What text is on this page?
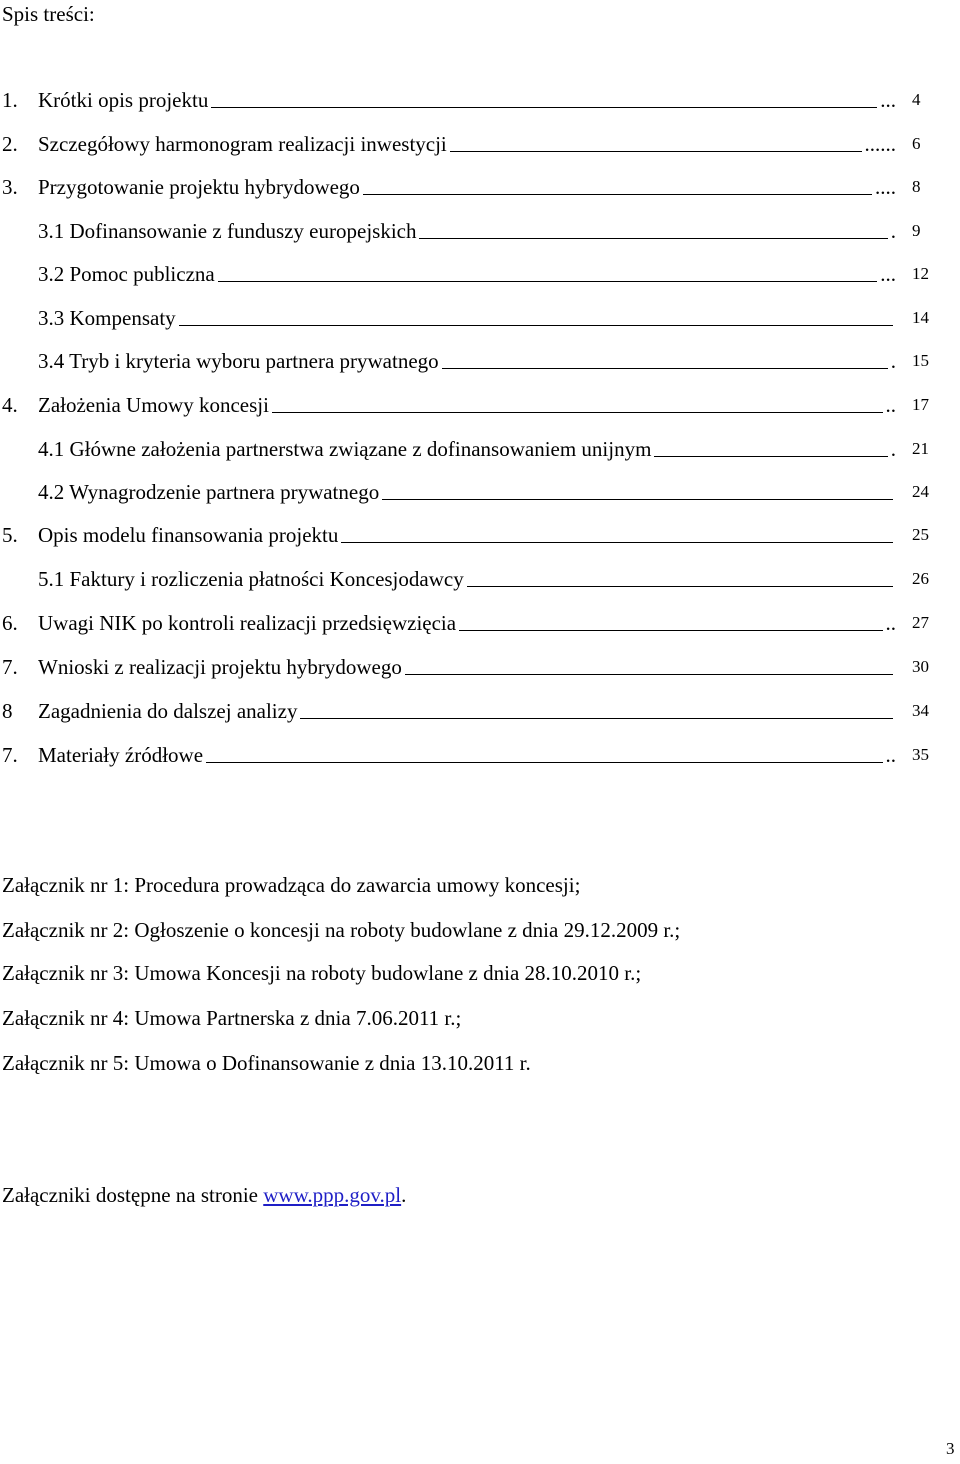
Spis treści:
1. Krótki opis projektu	... 4
2. Szczegółowy harmonogram realizacji inwestycji	...... 6
3. Przygotowanie projektu hybrydowego	.... 8
3.1 Dofinansowanie z funduszy europejskich	. 9
3.2 Pomoc publiczna	... 12
3.3 Kompensaty	14
3.4 Tryb i kryteria wyboru partnera prywatnego	. 15
4. Założenia Umowy koncesji	.. 17
4.1 Główne założenia partnerstwa związane z dofinansowaniem unijnym	. 21
4.2 Wynagrodzenie partnera prywatnego	24
5. Opis modelu finansowania projektu	25
5.1 Faktury i rozliczenia płatności Koncesjodawcy	26
6. Uwagi NIK po kontroli realizacji przedsięwzięcia	.. 27
7. Wnioski z realizacji projektu hybrydowego	30
8 Zagadnienia do dalszej analizy	34
7. Materiały źródłowe	.. 35
Załącznik nr 1: Procedura prowadząca do zawarcia umowy koncesji;
Załącznik nr 2: Ogłoszenie o koncesji na roboty budowlane z dnia 29.12.2009 r.;
Załącznik nr 3: Umowa Koncesji na roboty budowlane z dnia 28.10.2010 r.;
Załącznik nr 4: Umowa Partnerska z dnia 7.06.2011 r.;
Załącznik nr 5: Umowa o Dofinansowanie z dnia 13.10.2011 r.
Załączniki dostępne na stronie www.ppp.gov.pl.
3
